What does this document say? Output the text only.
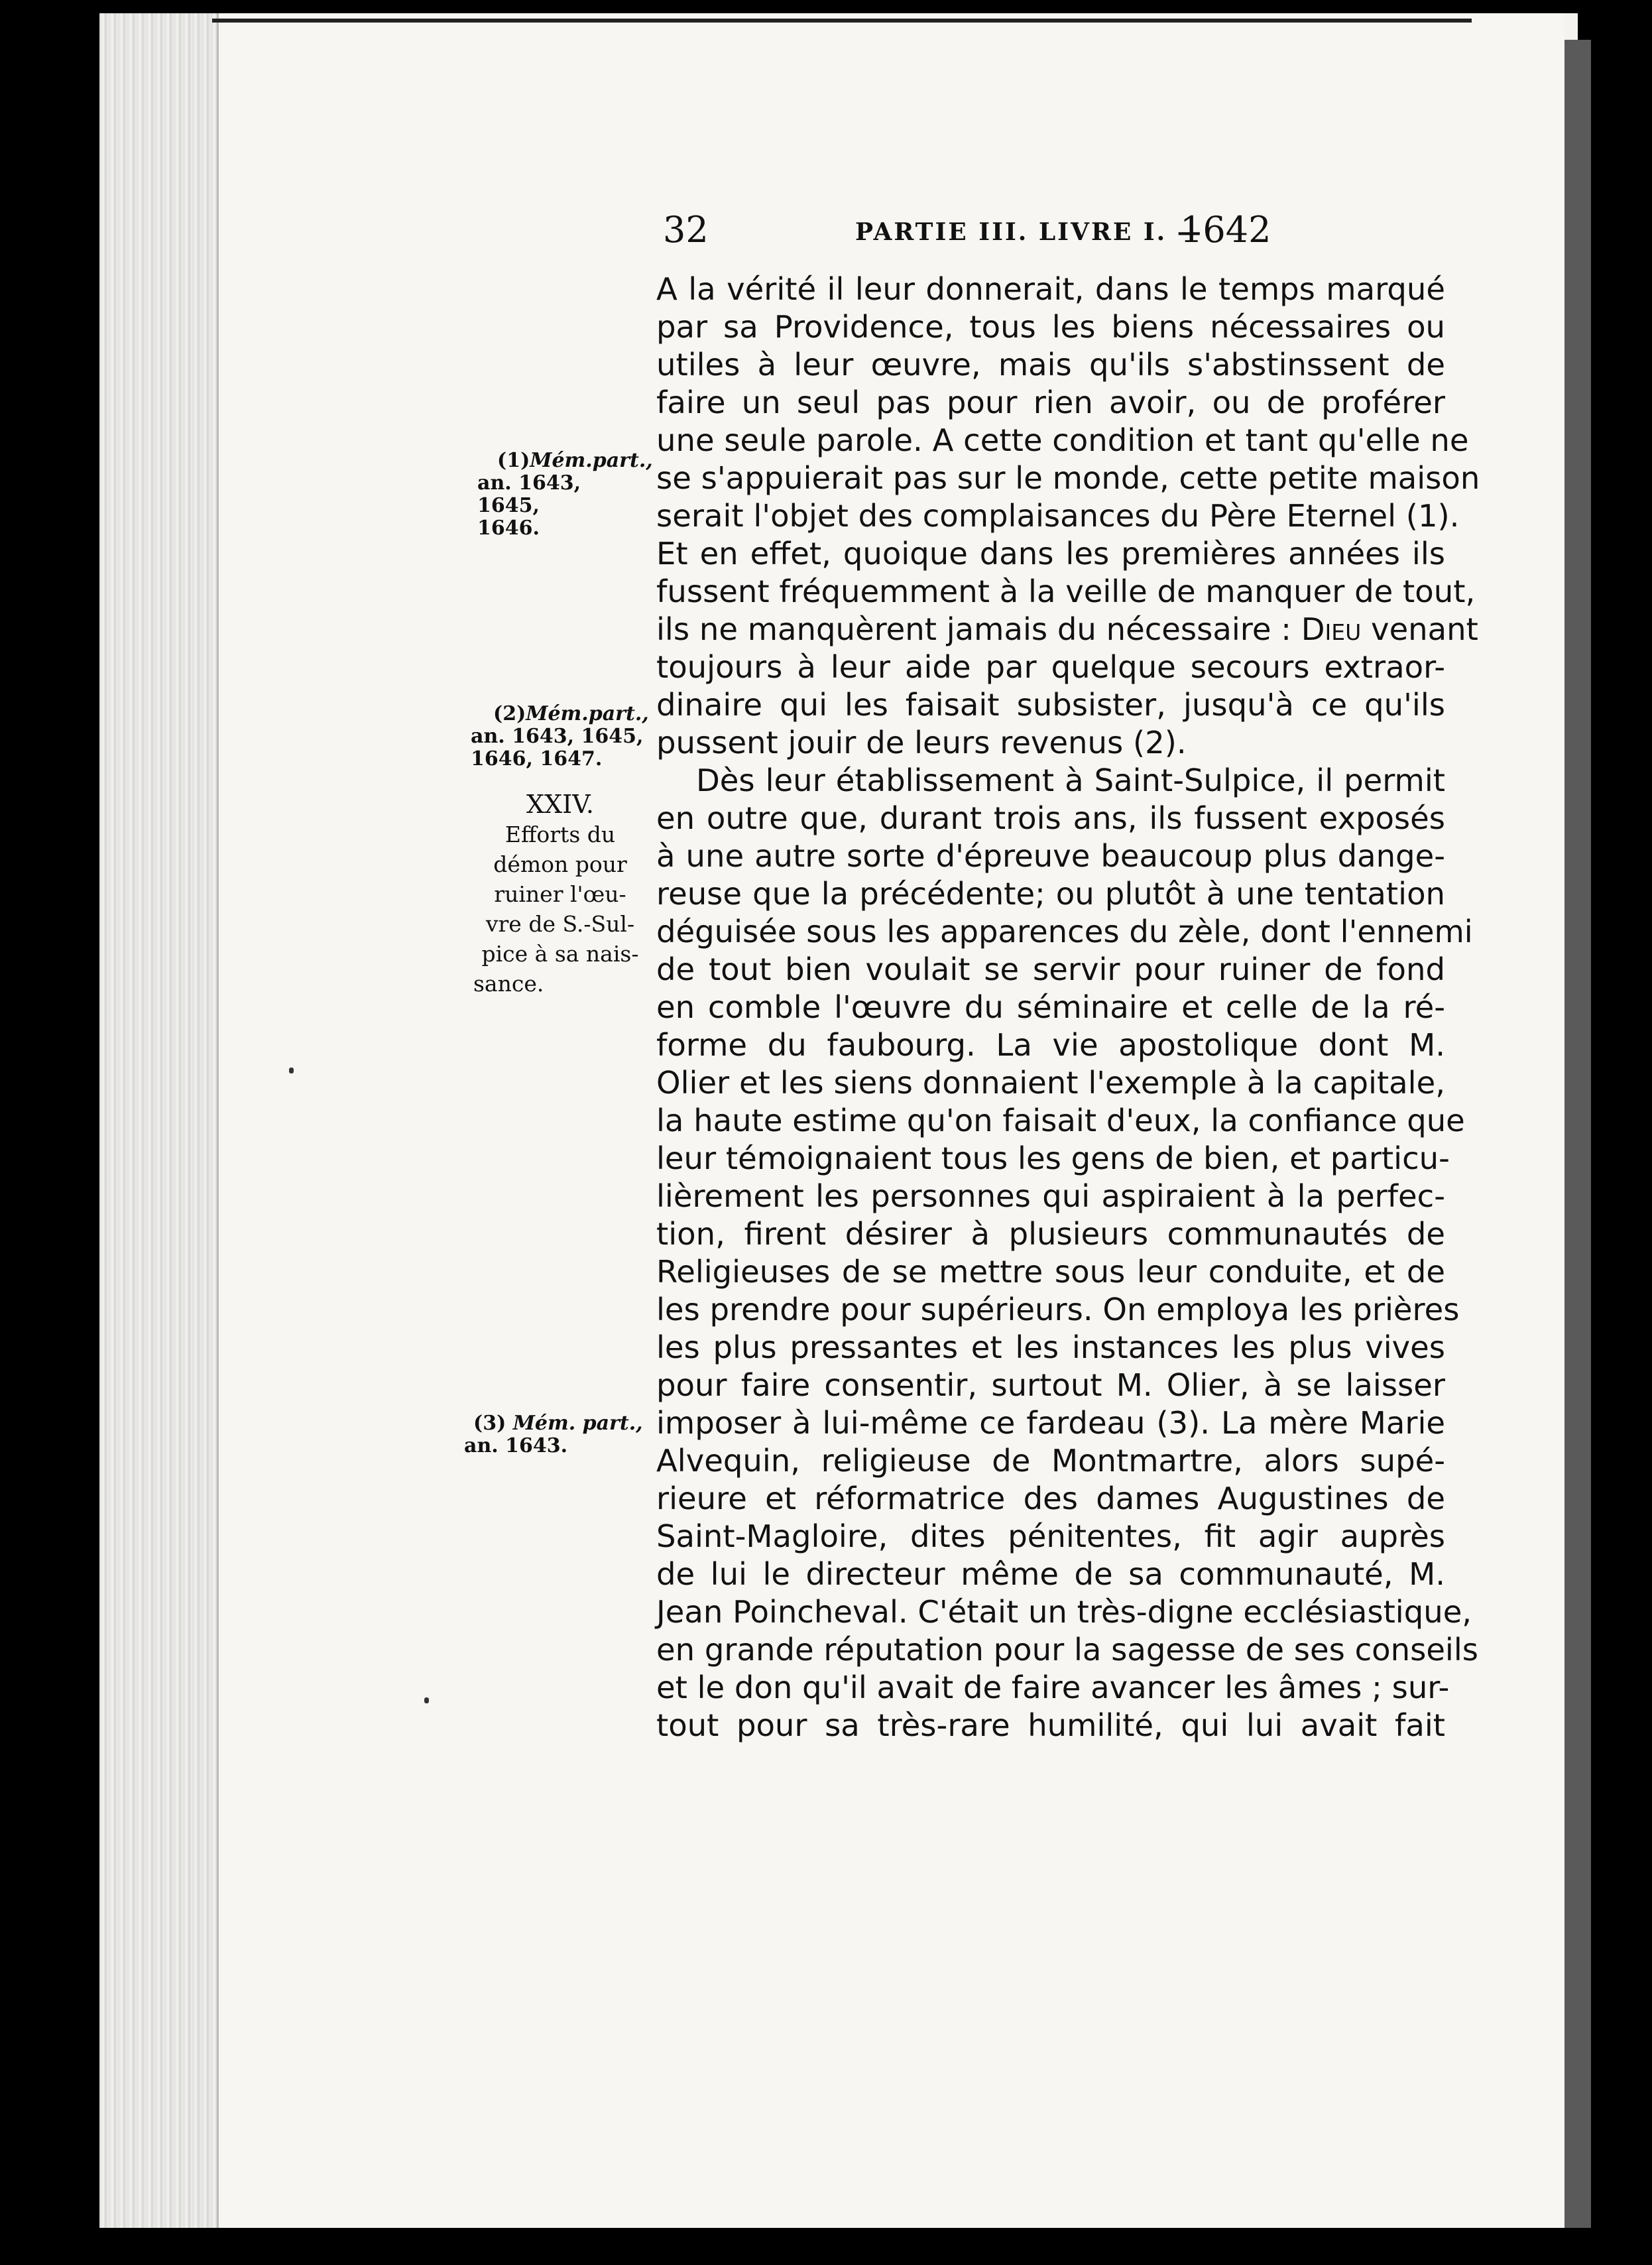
32	PARTIE III. LIVRE I. —
1642
(1)Mém.part.,
an. 1643, 1645,
1646.
(2)Mém.part.,
an. 1643, 1645,
1646, 1647.
XXIV.
Efforts du
démon pour
ruiner l'œu-
vre de S.-Sul-
pice à sa nais-
sance.
(3) Mém. part.,
an. 1643.
A la vérité il leur donnerait, dans le temps marqué
par sa Providence, tous les biens nécessaires ou
utiles à leur œuvre, mais qu'ils s'abstinssent de
faire un seul pas pour rien avoir, ou de proférer
une seule parole. A cette condition et tant qu'elle ne
se s'appuierait pas sur le monde, cette petite maison
serait l'objet des complaisances du Père Eternel (1).
Et en effet, quoique dans les premières années ils
fussent fréquemment à la veille de manquer de tout,
ils ne manquèrent jamais du nécessaire : Dieu venant
toujours à leur aide par quelque secours extraor-
dinaire qui les faisait subsister, jusqu'à ce qu'ils
pussent jouir de leurs revenus (2).
Dès leur établissement à Saint-Sulpice, il permit
en outre que, durant trois ans, ils fussent exposés
à une autre sorte d'épreuve beaucoup plus dange-
reuse que la précédente; ou plutôt à une tentation
déguisée sous les apparences du zèle, dont l'ennemi
de tout bien voulait se servir pour ruiner de fond
en comble l'œuvre du séminaire et celle de la ré-
forme du faubourg. La vie apostolique dont M.
Olier et les siens donnaient l'exemple à la capitale,
la haute estime qu'on faisait d'eux, la confiance que
leur témoignaient tous les gens de bien, et particu-
lièrement les personnes qui aspiraient à la perfec-
tion, firent désirer à plusieurs communautés de
Religieuses de se mettre sous leur conduite, et de
les prendre pour supérieurs. On employa les prières
les plus pressantes et les instances les plus vives
pour faire consentir, surtout M. Olier, à se laisser
imposer à lui-même ce fardeau (3). La mère Marie
Alvequin, religieuse de Montmartre, alors supé-
rieure et réformatrice des dames Augustines de
Saint-Magloire, dites pénitentes, fit agir auprès
de lui le directeur même de sa communauté, M.
Jean Poincheval. C'était un très-digne ecclésiastique,
en grande réputation pour la sagesse de ses conseils
et le don qu'il avait de faire avancer les âmes ; sur-
tout pour sa très-rare humilité, qui lui avait fait
